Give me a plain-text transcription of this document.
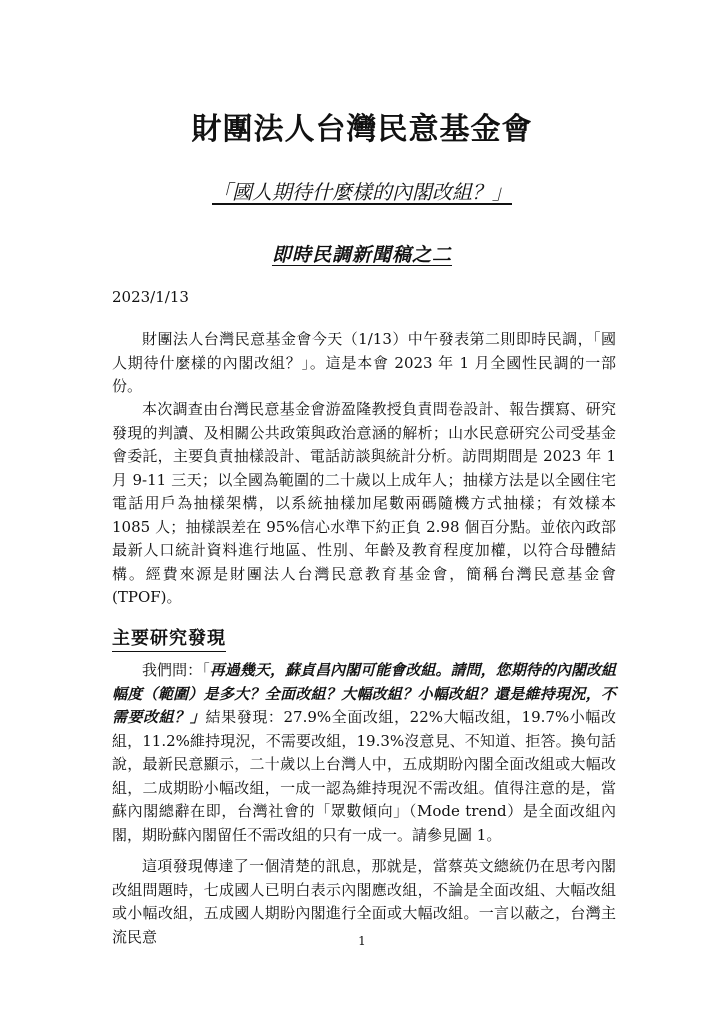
財團法人台灣民意基金會
「國人期待什麼樣的內閣改組？」
即時民調新聞稿之二
2023/1/13
財團法人台灣民意基金會今天（1/13）中午發表第二則即時民調，「國人期待什麼樣的內閣改組？」。這是本會 2023 年 1 月全國性民調的一部份。
本次調查由台灣民意基金會游盈隆教授負責問卷設計、報告撰寫、研究發現的判讀、及相關公共政策與政治意涵的解析；山水民意研究公司受基金會委託，主要負責抽樣設計、電話訪談與統計分析。訪問期間是 2023 年 1 月 9-11 三天；以全國為範圍的二十歲以上成年人；抽樣方法是以全國住宅電話用戶為抽樣架構，以系統抽樣加尾數兩碼隨機方式抽樣；有效樣本 1085 人；抽樣誤差在 95%信心水準下約正負 2.98 個百分點。並依內政部最新人口統計資料進行地區、性別、年齡及教育程度加權，以符合母體結構。經費來源是財團法人台灣民意教育基金會，簡稱台灣民意基金會(TPOF)。
主要研究發現
我們問：「再過幾天，蘇貞昌內閣可能會改組。請問，您期待的內閣改組幅度（範圍）是多大？全面改組？大幅改組？小幅改組？還是維持現況，不需要改組？」結果發現：27.9%全面改組，22%大幅改組，19.7%小幅改組，11.2%維持現況，不需要改組，19.3%沒意見、不知道、拒答。換句話說，最新民意顯示，二十歲以上台灣人中，五成期盼內閣全面改組或大幅改組，二成期盼小幅改組，一成一認為維持現況不需改組。值得注意的是，當蘇內閣總辭在即，台灣社會的「眾數傾向」（Mode trend）是全面改組內閣，期盼蘇內閣留任不需改組的只有一成一。請參見圖 1。
這項發現傳達了一個清楚的訊息，那就是，當蔡英文總統仍在思考內閣改組問題時，七成國人已明白表示內閣應改組，不論是全面改組、大幅改組或小幅改組，五成國人期盼內閣進行全面或大幅改組。一言以蔽之，台灣主流民意	1
